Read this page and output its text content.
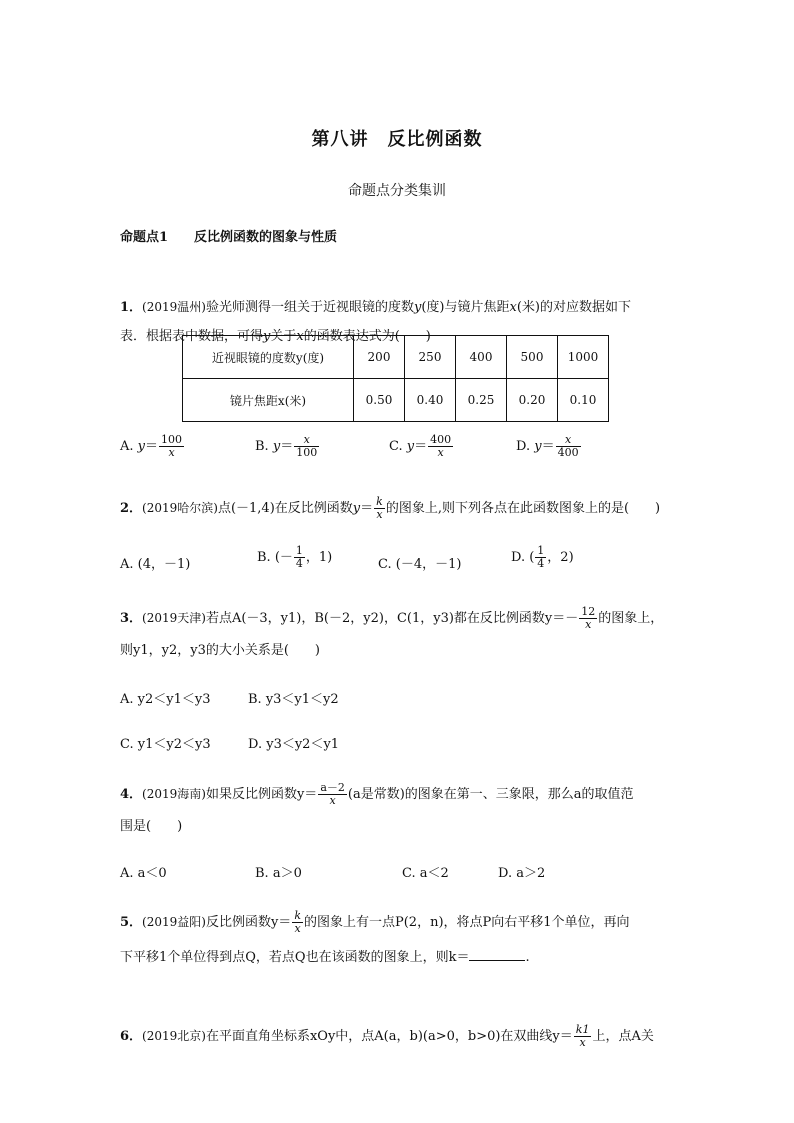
第八讲　反比例函数
命题点分类集训
命题点1 反比例函数的图象与性质
1．(2019温州)验光师测得一组关于近视眼镜的度数y(度)与镜片焦距x(米)的对应数据如下
表．根据表中数据，可得y关于x的函数表达式为(　　)
近视眼镜的度数y(度)	200	250	400	500	1000
镜片焦距x(米)	0.50	0.40	0.25	0.20	0.10
A. $y= \frac{100}{x}$	B. $y= \frac{x}{100}$	C. $y= \frac{400}{x}$	D. $y= \frac{x}{400}$
2．(2019哈尔滨)点(－1,4)在反比例函数$y= \frac{k}{x}$ 的图象上,则下列各点在此函数图象上的是(　　)
A. (4，－1)	B. (－ $\frac{1}{4}$ ，1)	C. (－4，－1)	D. ( $\frac{1}{4}$ ，2)
3．(2019天津)若点A(－3，y1)，B(－2，y2)，C(1，y3)都在反比例函数$y=- \frac{12}{x}$ 的图象上，
则y1，y2，y3的大小关系是(　　)
A. y2＜y1＜y3	B. y3＜y1＜y2
C. y1＜y2＜y3	D. y3＜y2＜y1
4．(2019海南)如果反比例函数$y= \frac{a-2}{x} (a$是常数)的图象在第一、三象限，那么a的取值范
围是(　　)
A. a＜0	B. a＞0	C. a＜2	D. a＞2
5．(2019益阳)反比例函数$y= \frac{k}{x}$ 的图象上有一点P(2，n)，将点P向右平移1个单位，再向
下平移1个单位得到点Q，若点Q也在该函数的图象上，则k＝	.
6．(2019北京)在平面直角坐标系xOy中，点A(a，b)(a>0，b>0)在双曲线$y= \frac{k1}{x}$ 上，点A关
